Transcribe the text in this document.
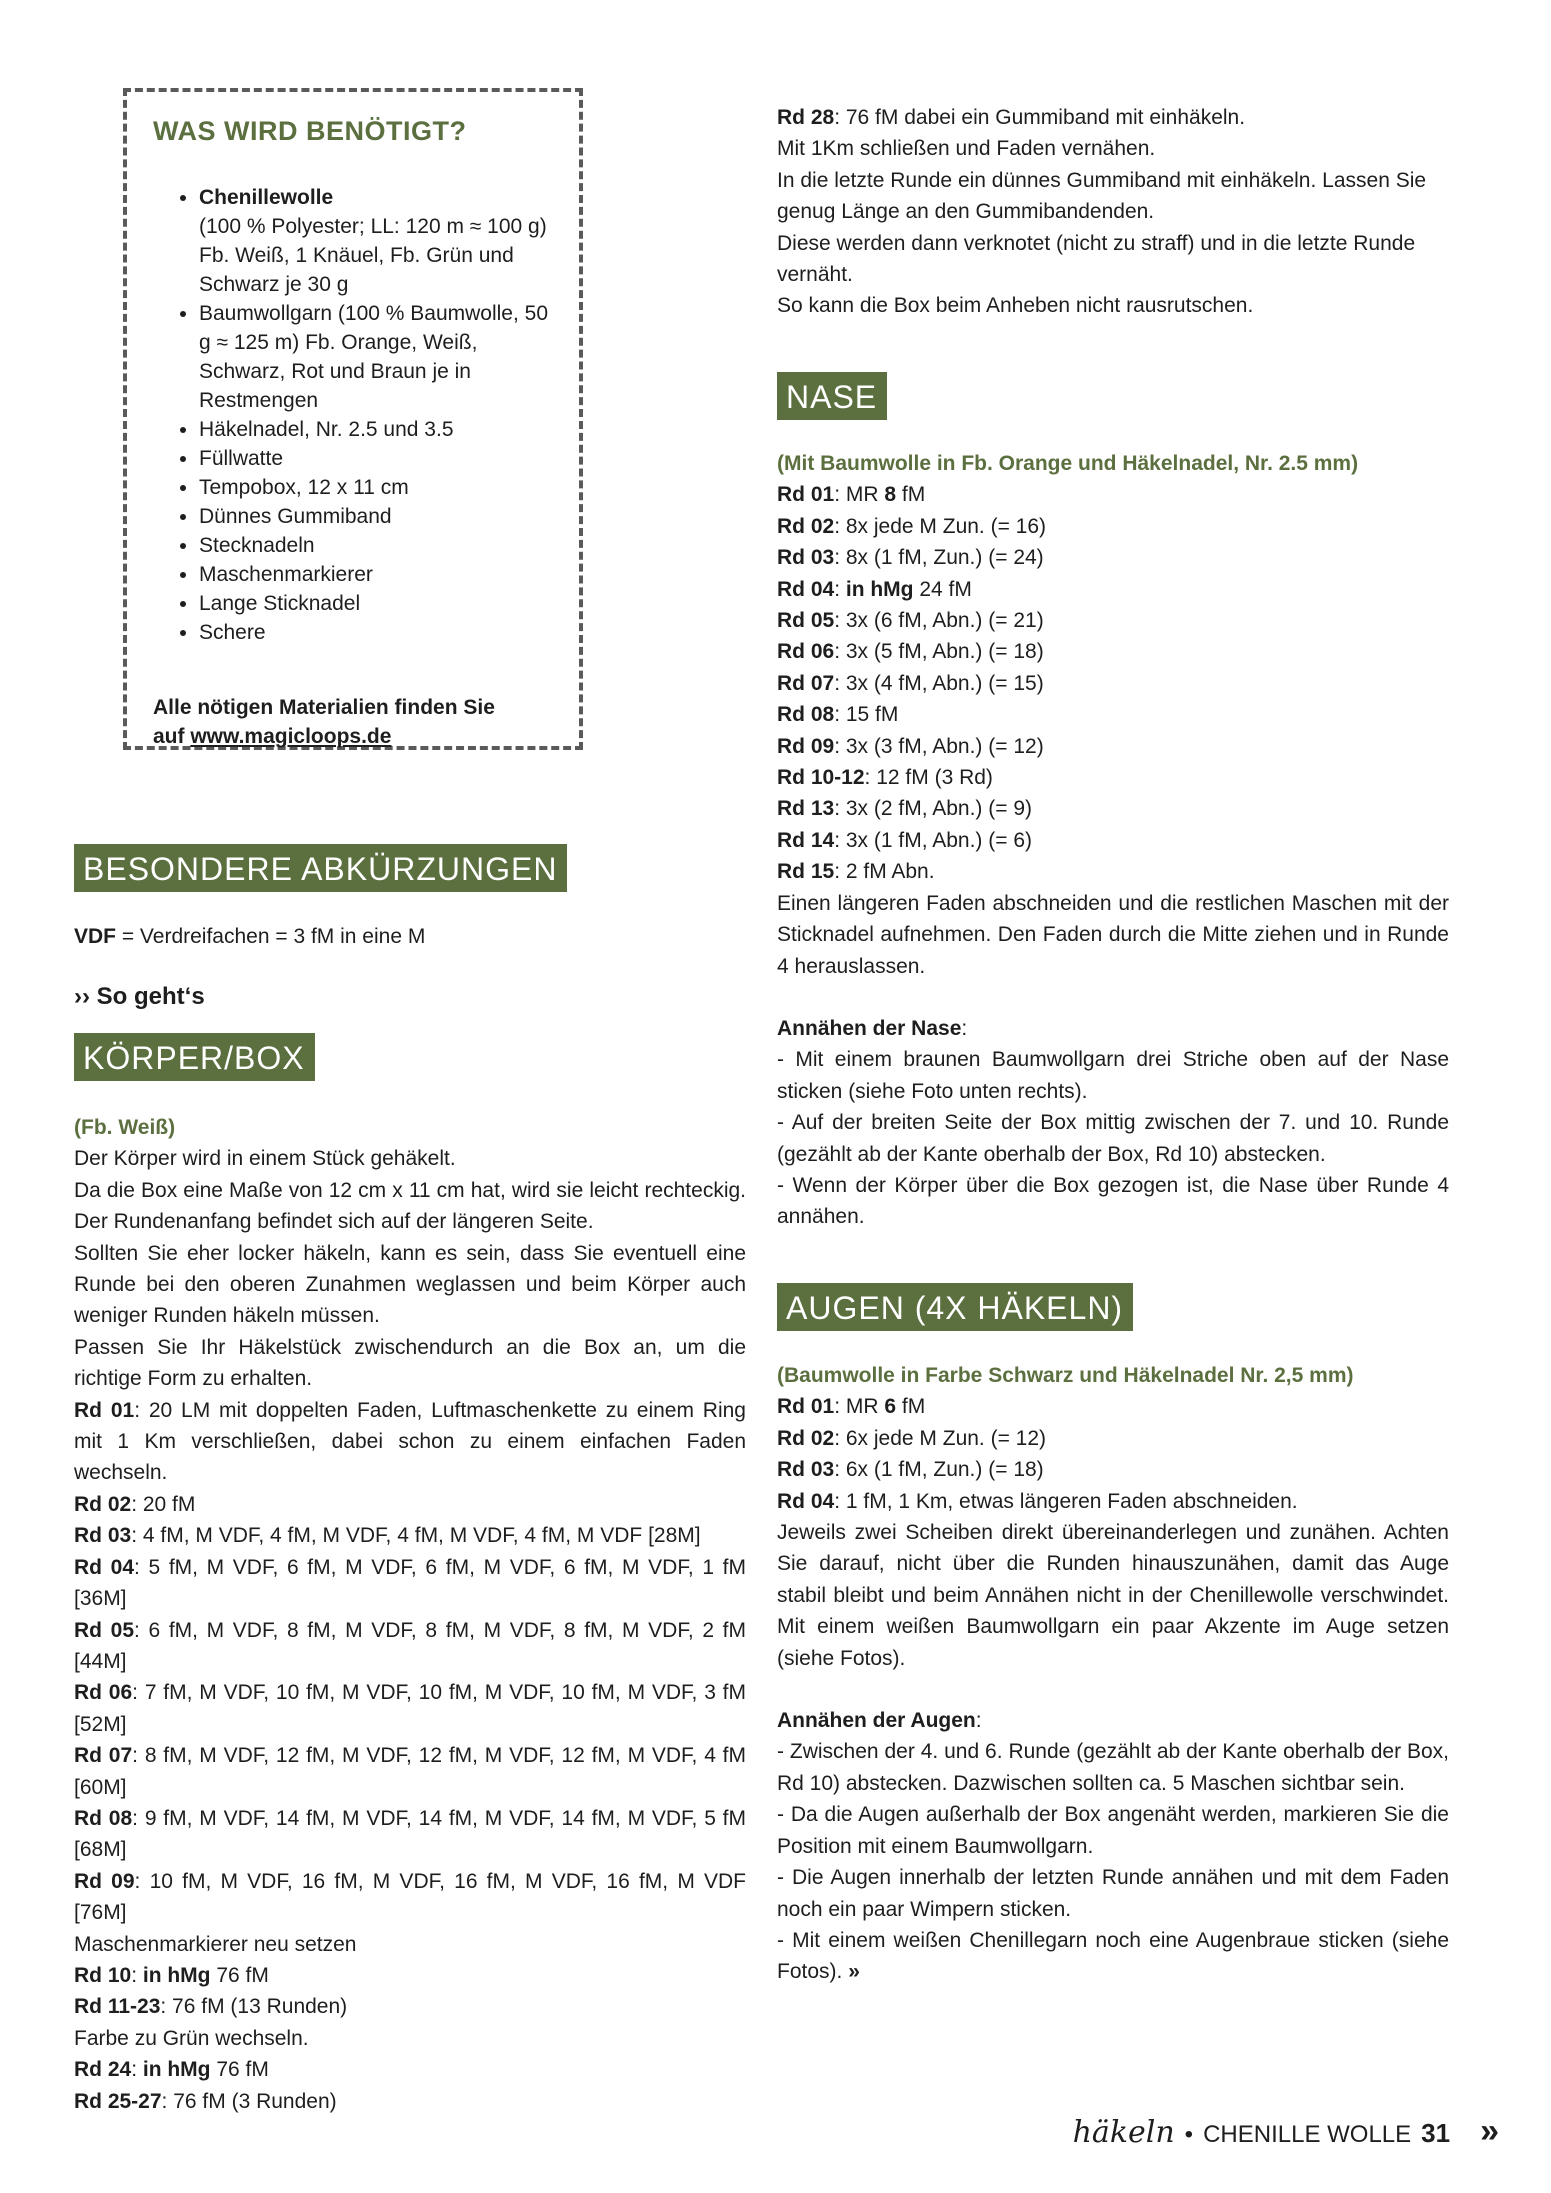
WAS WIRD BENÖTIGT?
• Chenillewolle
(100 % Polyester; LL: 120 m ≈ 100 g) Fb. Weiß, 1 Knäuel, Fb. Grün und Schwarz je 30 g
• Baumwollgarn (100 % Baumwolle, 50 g ≈ 125 m) Fb. Orange, Weiß, Schwarz, Rot und Braun je in Restmengen
• Häkelnadel, Nr. 2.5 und 3.5
• Füllwatte
• Tempobox, 12 x 11 cm
• Dünnes Gummiband
• Stecknadeln
• Maschenmarkierer
• Lange Sticknadel
• Schere
Alle nötigen Materialien finden Sie
auf www.magicloops.de
BESONDERE ABKÜRZUNGEN
VDF = Verdreifachen = 3 fM in eine M
›› So geht‘s
KÖRPER/BOX

(Fb. Weiß)

Der Körper wird in einem Stück gehäkelt.

Da die Box eine Maße von 12 cm x 11 cm hat, wird sie leicht rechteckig. Der Rundenanfang befindet sich auf der längeren Seite.

Sollten Sie eher locker häkeln, kann es sein, dass Sie eventuell eine Runde bei den oberen Zunahmen weglassen und beim Körper auch weniger Runden häkeln müssen.

Passen Sie Ihr Häkelstück zwischendurch an die Box an, um die richtige Form zu erhalten.

Rd 01: 20 LM mit doppelten Faden, Luftmaschenkette zu einem Ring mit 1 Km verschließen, dabei schon zu einem einfachen Faden wechseln.

Rd 02: 20 fM

Rd 03: 4 fM, M VDF, 4 fM, M VDF, 4 fM, M VDF, 4 fM, M VDF [28M]

Rd 04: 5 fM, M VDF, 6 fM, M VDF, 6 fM, M VDF, 6 fM, M VDF, 1 fM [36M]

Rd 05: 6 fM, M VDF, 8 fM, M VDF, 8 fM, M VDF, 8 fM, M VDF, 2 fM [44M]

Rd 06: 7 fM, M VDF, 10 fM, M VDF, 10 fM, M VDF, 10 fM, M VDF, 3 fM [52M]

Rd 07: 8 fM, M VDF, 12 fM, M VDF, 12 fM, M VDF, 12 fM, M VDF, 4 fM [60M]

Rd 08: 9 fM, M VDF, 14 fM, M VDF, 14 fM, M VDF, 14 fM, M VDF, 5 fM [68M]

Rd 09: 10 fM, M VDF, 16 fM, M VDF, 16 fM, M VDF, 16 fM, M VDF [76M]

Maschenmarkierer neu setzen

Rd 10: in hMg 76 fM

Rd 11-23: 76 fM (13 Runden)

Farbe zu Grün wechseln.

Rd 24: in hMg 76 fM

Rd 25-27: 76 fM (3 Runden)

Rd 28: 76 fM dabei ein Gummiband mit einhäkeln.

Mit 1Km schließen und Faden vernähen.

In die letzte Runde ein dünnes Gummiband mit einhäkeln. Lassen Sie genug Länge an den Gummibandenden.

Diese werden dann verknotet (nicht zu straff) und in die letzte Runde vernäht.

So kann die Box beim Anheben nicht rausrutschen.

NASE

(Mit Baumwolle in Fb. Orange und Häkelnadel, Nr. 2.5 mm)

Rd 01: MR 8 fM

Rd 02: 8x jede M Zun. (= 16)

Rd 03: 8x (1 fM, Zun.) (= 24)

Rd 04: in hMg 24 fM

Rd 05: 3x (6 fM, Abn.) (= 21)

Rd 06: 3x (5 fM, Abn.) (= 18)

Rd 07: 3x (4 fM, Abn.) (= 15)

Rd 08: 15 fM

Rd 09: 3x (3 fM, Abn.) (= 12)

Rd 10-12: 12 fM (3 Rd)

Rd 13: 3x (2 fM, Abn.) (= 9)

Rd 14: 3x (1 fM, Abn.) (= 6)

Rd 15: 2 fM Abn.

Einen längeren Faden abschneiden und die restlichen Maschen mit der Sticknadel aufnehmen. Den Faden durch die Mitte ziehen und in Runde 4 herauslassen.

Annähen der Nase:

- Mit einem braunen Baumwollgarn drei Striche oben auf der Nase sticken (siehe Foto unten rechts).

- Auf der breiten Seite der Box mittig zwischen der 7. und 10. Runde (gezählt ab der Kante oberhalb der Box, Rd 10) abstecken.

- Wenn der Körper über die Box gezogen ist, die Nase über Runde 4 annähen.

AUGEN (4X HÄKELN)

(Baumwolle in Farbe Schwarz und Häkelnadel Nr. 2,5 mm)

Rd 01: MR 6 fM

Rd 02: 6x jede M Zun. (= 12)

Rd 03: 6x (1 fM, Zun.) (= 18)

Rd 04: 1 fM, 1 Km, etwas längeren Faden abschneiden.

Jeweils zwei Scheiben direkt übereinanderlegen und zunähen. Achten Sie darauf, nicht über die Runden hinauszunähen, damit das Auge stabil bleibt und beim Annähen nicht in der Chenillewolle verschwindet. Mit einem weißen Baumwollgarn ein paar Akzente im Auge setzen (siehe Fotos).

Annähen der Augen:

- Zwischen der 4. und 6. Runde (gezählt ab der Kante oberhalb der Box, Rd 10) abstecken. Dazwischen sollten ca. 5 Maschen sichtbar sein.

- Da die Augen außerhalb der Box angenäht werden, markieren Sie die Position mit einem Baumwollgarn.

- Die Augen innerhalb der letzten Runde annähen und mit dem Faden noch ein paar Wimpern sticken.

- Mit einem weißen Chenillegarn noch eine Augenbraue sticken (siehe Fotos). »

häkeln • CHENILLE WOLLE 31 »
